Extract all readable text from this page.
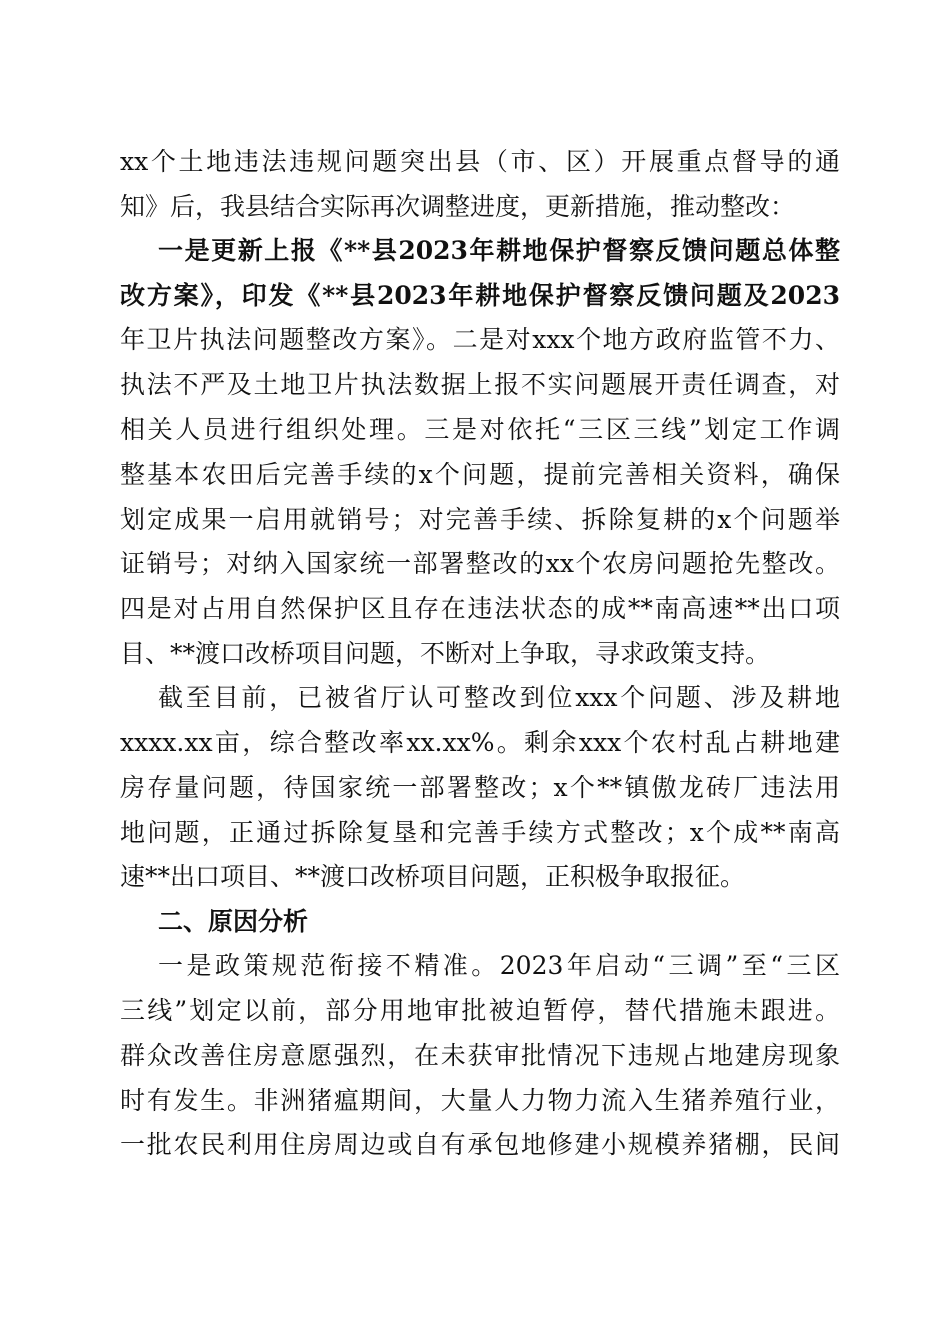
xx个土地违法违规问题突出县（市、区）开展重点督导的通
知》后，我县结合实际再次调整进度，更新措施，推动整改：
一是更新上报《**县2023年耕地保护督察反馈问题总体整
改方案》，印发《**县2023年耕地保护督察反馈问题及2023
年卫片执法问题整改方案》。二是对xxx个地方政府监管不力、
执法不严及土地卫片执法数据上报不实问题展开责任调查，对
相关人员进行组织处理。三是对依托“三区三线”划定工作调
整基本农田后完善手续的x个问题，提前完善相关资料，确保
划定成果一启用就销号；对完善手续、拆除复耕的x个问题举
证销号；对纳入国家统一部署整改的xx个农房问题抢先整改。
四是对占用自然保护区且存在违法状态的成**南高速**出口项
目、**渡口改桥项目问题，不断对上争取，寻求政策支持。
截至目前，已被省厅认可整改到位xxx个问题、涉及耕地
xxxx.xx亩，综合整改率xx.xx%。剩余xxx个农村乱占耕地建
房存量问题，待国家统一部署整改；x个**镇傲龙砖厂违法用
地问题，正通过拆除复垦和完善手续方式整改；x个成**南高
速**出口项目、**渡口改桥项目问题，正积极争取报征。
二、原因分析
一是政策规范衔接不精准。2023年启动“三调”至“三区
三线”划定以前，部分用地审批被迫暂停，替代措施未跟进。
群众改善住房意愿强烈，在未获审批情况下违规占地建房现象
时有发生。非洲猪瘟期间，大量人力物力流入生猪养殖行业，
一批农民利用住房周边或自有承包地修建小规模养猪棚，民间
